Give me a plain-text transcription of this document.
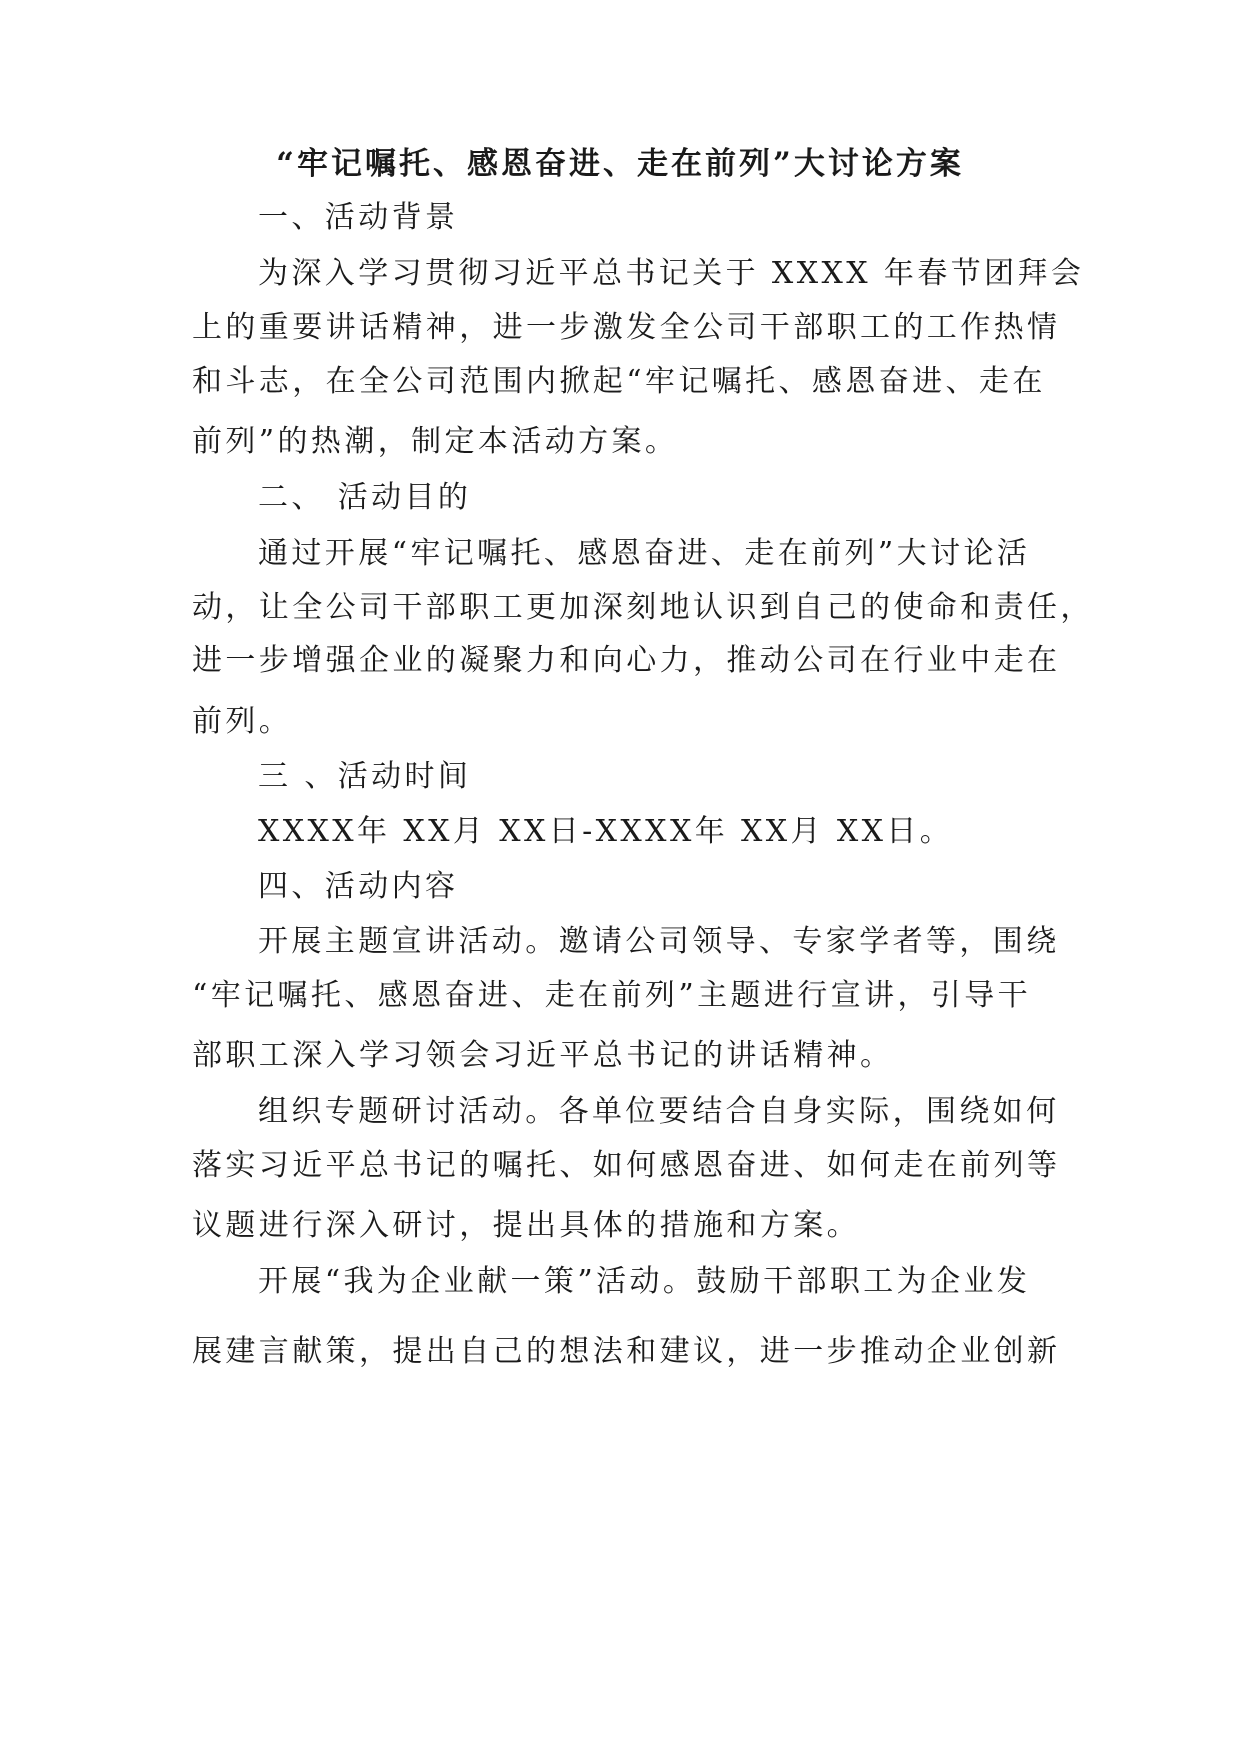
“牢记嘱托、感恩奋进、走在前列”大讨论方案
一、活动背景
为深入学习贯彻习近平总书记关于 XXXX 年春节团拜会
上的重要讲话精神，进一步激发全公司干部职工的工作热情
和斗志，在全公司范围内掀起“牢记嘱托、感恩奋进、走在
前列”的热潮，制定本活动方案。
二、 活动目的
通过开展“牢记嘱托、感恩奋进、走在前列”大讨论活
动，让全公司干部职工更加深刻地认识到自己的使命和责任，
进一步增强企业的凝聚力和向心力，推动公司在行业中走在
前列。
三 、活动时间
XXXX年 XX月 XX日-XXXX年 XX月 XX日。
四、活动内容
开展主题宣讲活动。邀请公司领导、专家学者等，围绕
“牢记嘱托、感恩奋进、走在前列”主题进行宣讲，引导干
部职工深入学习领会习近平总书记的讲话精神。
组织专题研讨活动。各单位要结合自身实际，围绕如何
落实习近平总书记的嘱托、如何感恩奋进、如何走在前列等
议题进行深入研讨，提出具体的措施和方案。
开展“我为企业献一策”活动。鼓励干部职工为企业发
展建言献策，提出自己的想法和建议，进一步推动企业创新
